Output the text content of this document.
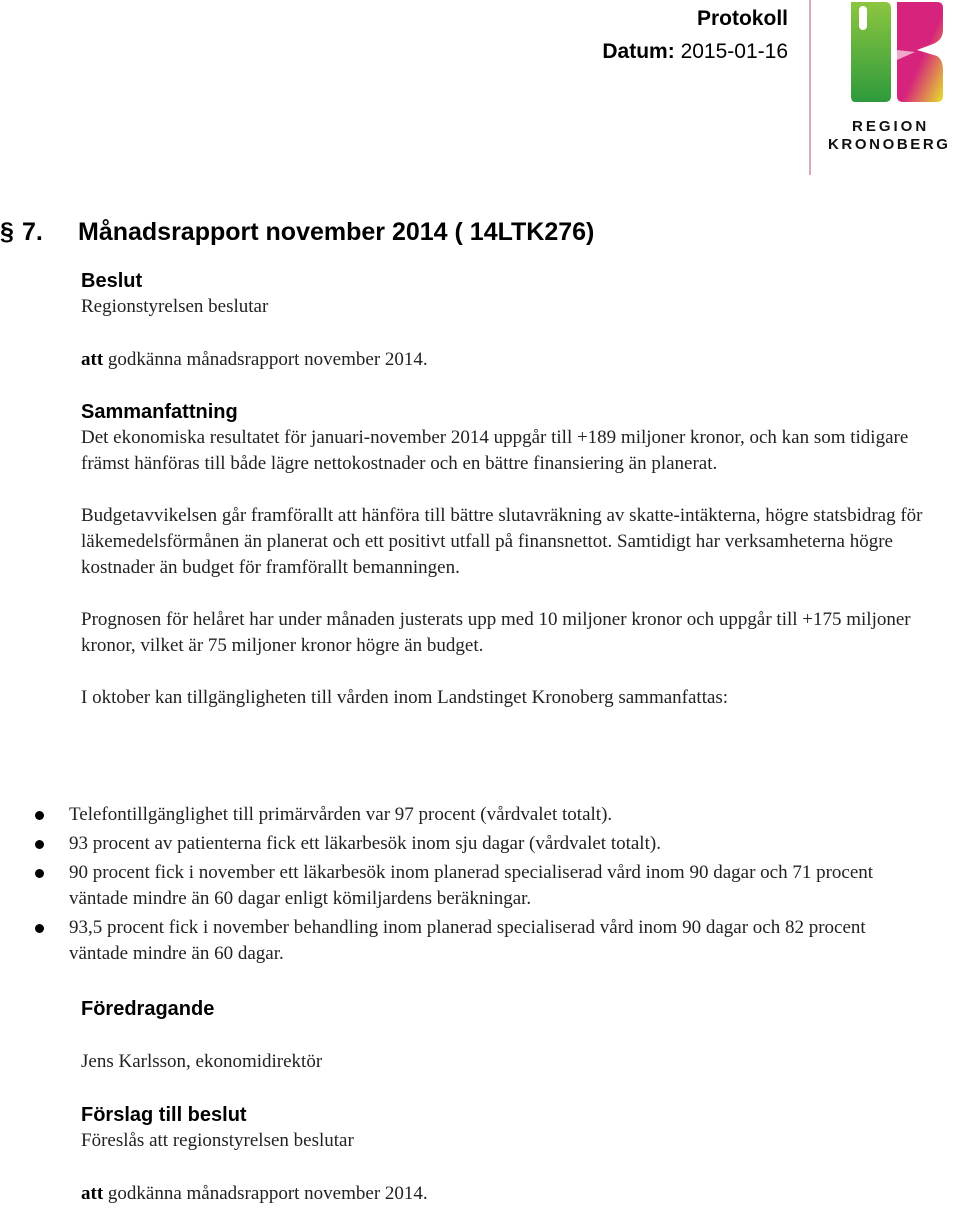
Protokoll
Datum: 2015-01-16
REGION
KRONOBERG
§ 7. Månadsrapport november 2014 ( 14LTK276)
Beslut

Regionstyrelsen beslutar

att godkänna månadsrapport november 2014.

Sammanfattning

Det ekonomiska resultatet för januari-november 2014 uppgår till +189 miljoner kronor, och kan som tidigare främst hänföras till både lägre nettokostnader och en bättre finansiering än planerat.

Budgetavvikelsen går framförallt att hänföra till bättre slutavräkning av skatte-intäkterna, högre statsbidrag för läkemedelsförmånen än planerat och ett positivt utfall på finansnettot. Samtidigt har verksamheterna högre kostnader än budget för framförallt bemanningen.

Prognosen för helåret har under månaden justerats upp med 10 miljoner kronor och uppgår till +175 miljoner kronor, vilket är 75 miljoner kronor högre än budget.

I oktober kan tillgängligheten till vården inom Landstinget Kronoberg sammanfattas:

Telefontillgänglighet till primärvården var 97 procent (vårdvalet totalt).
93 procent av patienterna fick ett läkarbesök inom sju dagar (vårdvalet totalt).
90 procent fick i november ett läkarbesök inom planerad specialiserad vård inom 90 dagar och 71 procent väntade mindre än 60 dagar enligt kömiljardens beräkningar.
93,5 procent fick i november behandling inom planerad specialiserad vård inom 90 dagar och 82 procent väntade mindre än 60 dagar.
Föredragande

Jens Karlsson, ekonomidirektör

Förslag till beslut

Föreslås att regionstyrelsen beslutar

att godkänna månadsrapport november 2014.
